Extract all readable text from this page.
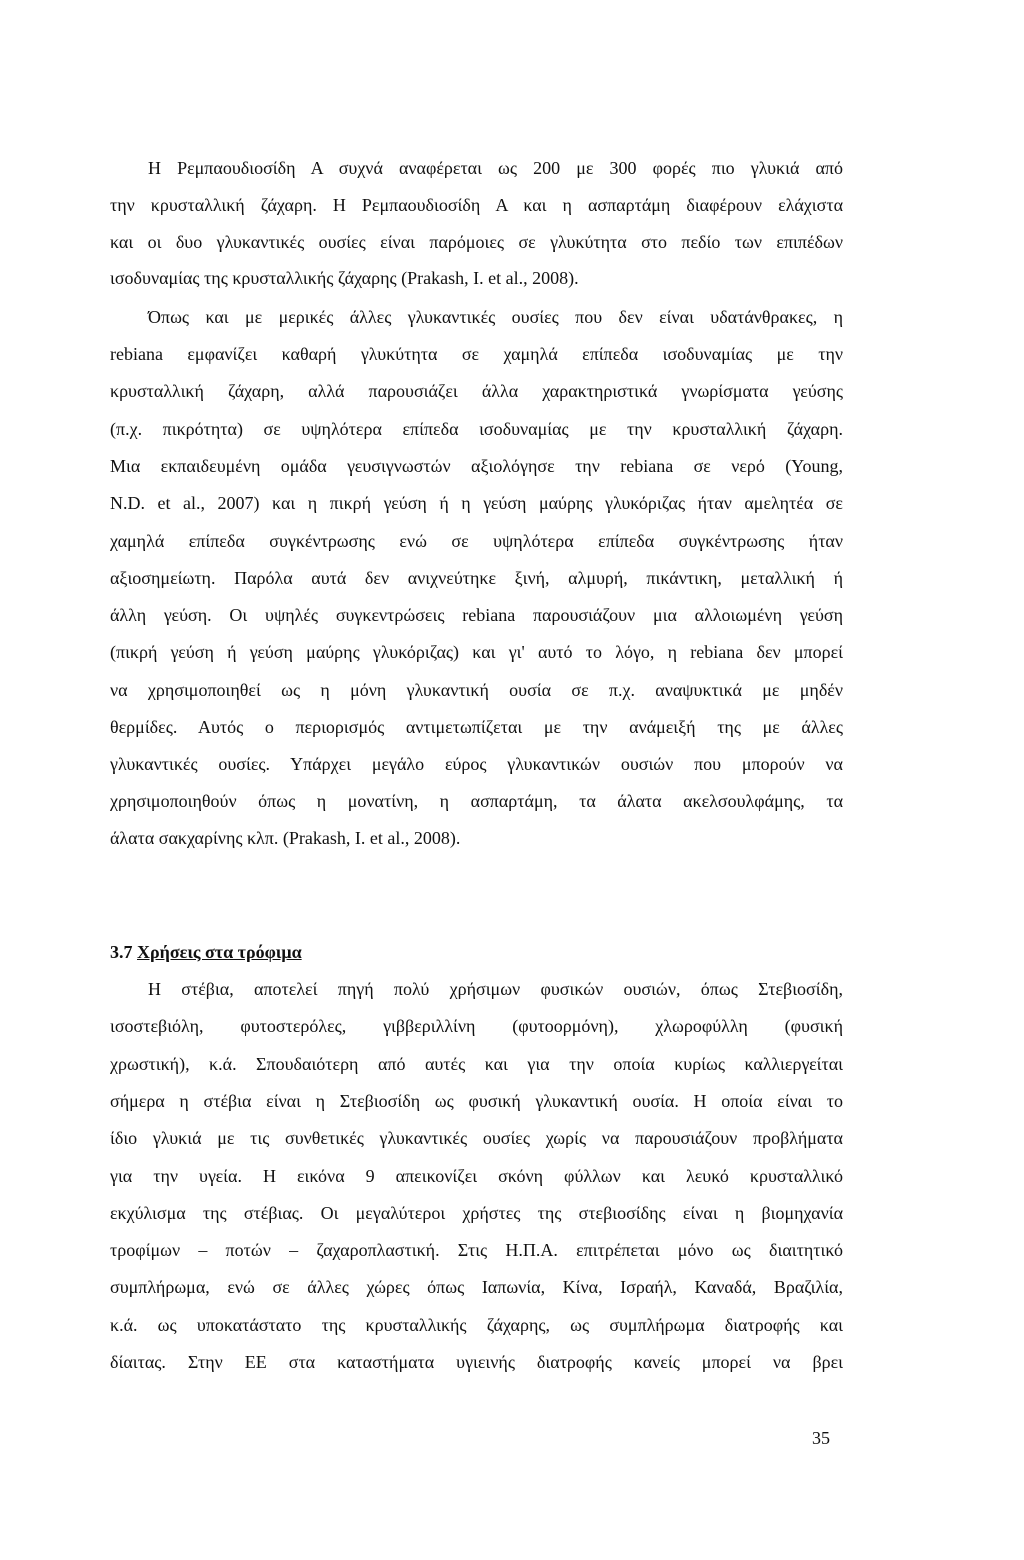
Η Ρεμπαουδιοσίδη Α συχνά αναφέρεται ως 200 με 300 φορές πιο γλυκιά από
την κρυσταλλική ζάχαρη. Η Ρεμπαουδιοσίδη Α και η ασπαρτάμη διαφέρουν ελάχιστα
και οι δυο γλυκαντικές ουσίες είναι παρόμοιες σε γλυκύτητα στο πεδίο των επιπέδων
ισοδυναμίας της κρυσταλλικής ζάχαρης (Prakash, I. et al., 2008).
Όπως και με μερικές άλλες γλυκαντικές ουσίες που δεν είναι υδατάνθρακες, η
rebiana εμφανίζει καθαρή γλυκύτητα σε χαμηλά επίπεδα ισοδυναμίας με την
κρυσταλλική ζάχαρη, αλλά παρουσιάζει άλλα χαρακτηριστικά γνωρίσματα γεύσης
(π.χ. πικρότητα) σε υψηλότερα επίπεδα ισοδυναμίας με την κρυσταλλική ζάχαρη.
Μια εκπαιδευμένη ομάδα γευσιγνωστών αξιολόγησε την rebiana σε νερό (Young,
N.D. et al., 2007) και η πικρή γεύση ή η γεύση μαύρης γλυκόριζας ήταν αμελητέα σε
χαμηλά επίπεδα συγκέντρωσης ενώ σε υψηλότερα επίπεδα συγκέντρωσης ήταν
αξιοσημείωτη. Παρόλα αυτά δεν ανιχνεύτηκε ξινή, αλμυρή, πικάντικη, μεταλλική ή
άλλη γεύση. Οι υψηλές συγκεντρώσεις rebiana παρουσιάζουν μια αλλοιωμένη γεύση
(πικρή γεύση ή γεύση μαύρης γλυκόριζας) και γι' αυτό το λόγο, η rebiana δεν μπορεί
να χρησιμοποιηθεί ως η μόνη γλυκαντική ουσία σε π.χ. αναψυκτικά με μηδέν
θερμίδες. Αυτός ο περιορισμός αντιμετωπίζεται με την ανάμειξή της με άλλες
γλυκαντικές ουσίες. Υπάρχει μεγάλο εύρος γλυκαντικών ουσιών που μπορούν να
χρησιμοποιηθούν όπως η μονατίνη, η ασπαρτάμη, τα άλατα ακελσουλφάμης, τα
άλατα σακχαρίνης κλπ. (Prakash, I. et al., 2008).
3.7 Χρήσεις στα τρόφιμα
Η στέβια, αποτελεί πηγή πολύ χρήσιμων φυσικών ουσιών, όπως Στεβιοσίδη,
ισοστεβιόλη, φυτοστερόλες, γιββεριλλίνη (φυτοορμόνη), χλωροφύλλη (φυσική
χρωστική), κ.ά. Σπουδαιότερη από αυτές και για την οποία κυρίως καλλιεργείται
σήμερα η στέβια είναι η Στεβιοσίδη ως φυσική γλυκαντική ουσία. Η οποία είναι το
ίδιο γλυκιά με τις συνθετικές γλυκαντικές ουσίες χωρίς να παρουσιάζουν προβλήματα
για την υγεία. Η εικόνα 9 απεικονίζει σκόνη φύλλων και λευκό κρυσταλλικό
εκχύλισμα της στέβιας. Οι μεγαλύτεροι χρήστες της στεβιοσίδης είναι η βιομηχανία
τροφίμων – ποτών – ζαχαροπλαστική. Στις Η.Π.Α. επιτρέπεται μόνο ως διαιτητικό
συμπλήρωμα, ενώ σε άλλες χώρες όπως Ιαπωνία, Κίνα, Ισραήλ, Καναδά, Βραζιλία,
κ.ά. ως υποκατάστατο της κρυσταλλικής ζάχαρης, ως συμπλήρωμα διατροφής και
δίαιτας. Στην ΕΕ στα καταστήματα υγιεινής διατροφής κανείς μπορεί να βρει
35
